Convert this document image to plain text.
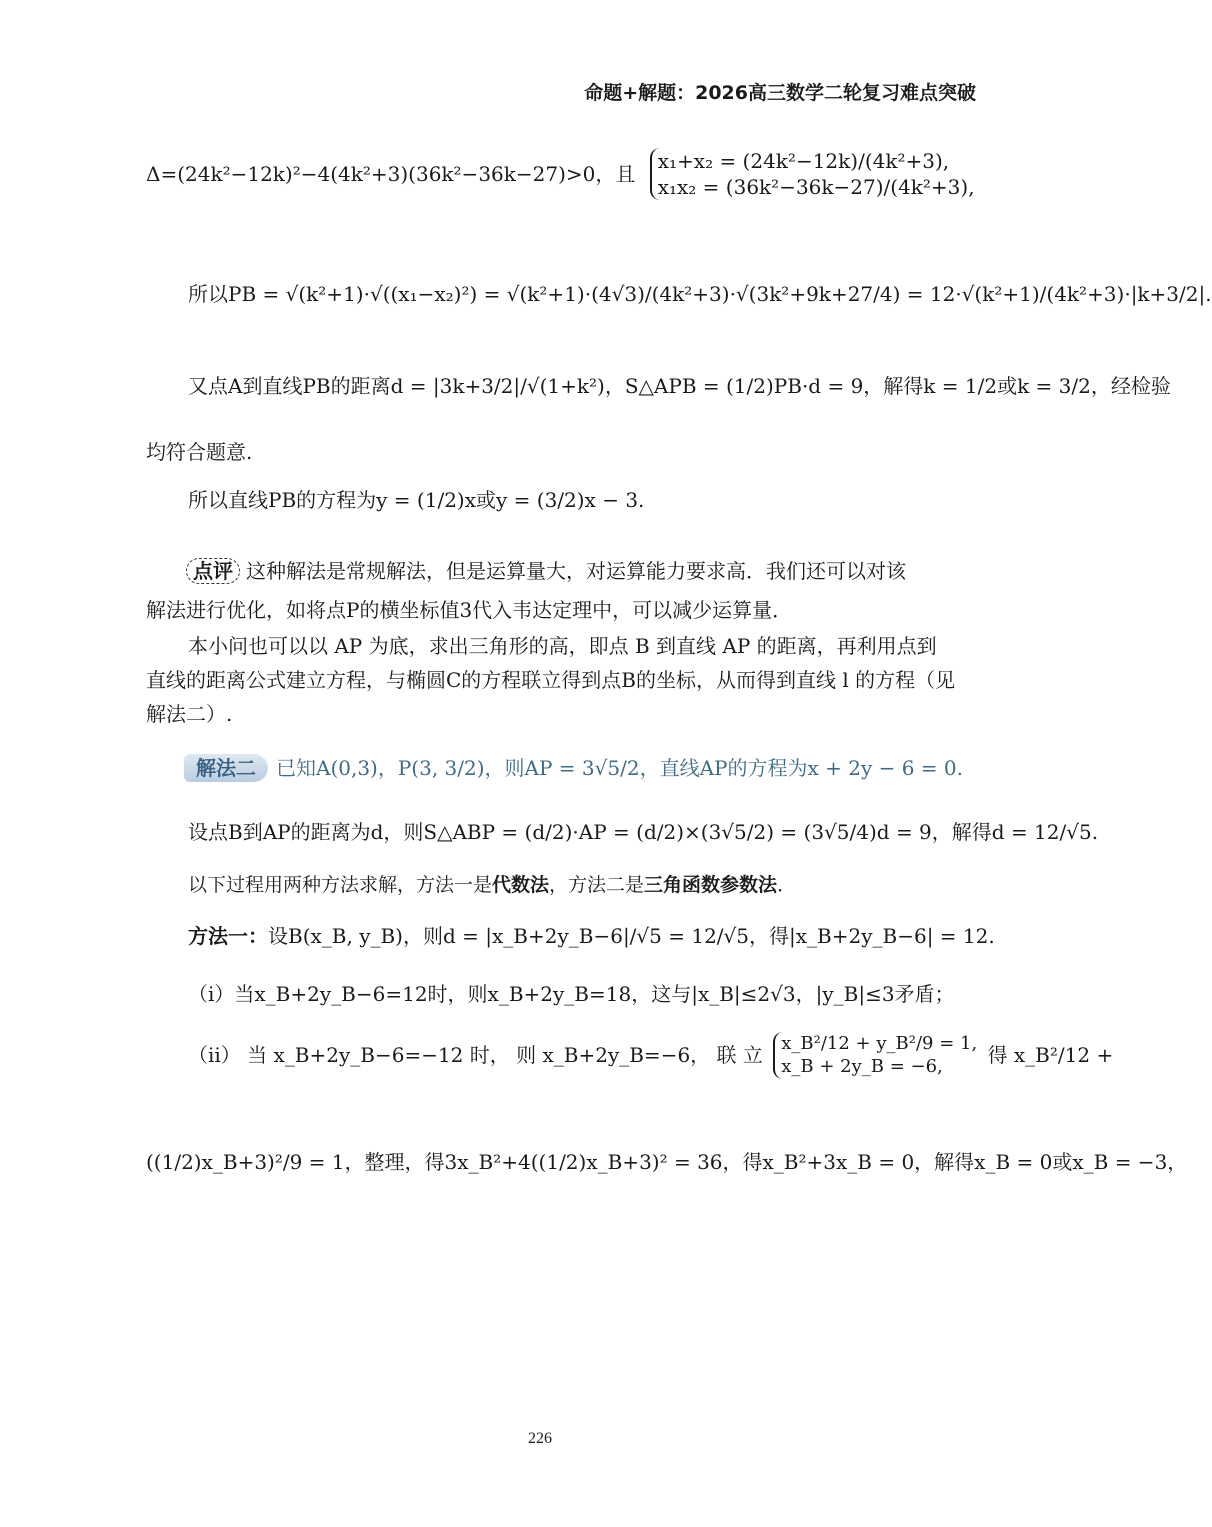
命题+解题：2026高三数学二轮复习难点突破
Δ=(24k²−12k)²−4(4k²+3)(36k²−36k−27)>0，且
x₁+x₂ = (24k²−12k)/(4k²+3),
x₁x₂ = (36k²−36k−27)/(4k²+3),
所以PB = √(k²+1)·√((x₁−x₂)²) = √(k²+1)·(4√3)/(4k²+3)·√(3k²+9k+27/4) = 12·√(k²+1)/(4k²+3)·|k+3/2|.
又点A到直线PB的距离d = |3k+3/2|/√(1+k²)，S△APB = (1/2)PB·d = 9，解得k = 1/2或k = 3/2，经检验
均符合题意.
所以直线PB的方程为y = (1/2)x或y = (3/2)x − 3.
点评 这种解法是常规解法，但是运算量大，对运算能力要求高．我们还可以对该
解法进行优化，如将点P的横坐标值3代入韦达定理中，可以减少运算量．
本小问也可以以 AP 为底，求出三角形的高，即点 B 到直线 AP 的距离，再利用点到
直线的距离公式建立方程，与椭圆C的方程联立得到点B的坐标，从而得到直线 l 的方程（见
解法二）.
解法二 已知A(0,3)，P(3, 3/2)，则AP = 3√5/2，直线AP的方程为x + 2y − 6 = 0.
设点B到AP的距离为d，则S△ABP = (d/2)·AP = (d/2)×(3√5/2) = (3√5/4)d = 9，解得d = 12/√5.
以下过程用两种方法求解，方法一是代数法，方法二是三角函数参数法．
方法一：设B(x_B, y_B)，则d = |x_B+2y_B−6|/√5 = 12/√5，得|x_B+2y_B−6| = 12.
（ⅰ）当x_B+2y_B−6=12时，则x_B+2y_B=18，这与|x_B|≤2√3，|y_B|≤3矛盾；
（ⅱ） 当 x_B+2y_B−6=−12 时， 则 x_B+2y_B=−6， 联 立 x_B²/12 + y_B²/9 = 1,
x_B + 2y_B = −6,	得 x_B²/12 +
((1/2)x_B+3)²/9 = 1，整理，得3x_B²+4((1/2)x_B+3)² = 36，得x_B²+3x_B = 0，解得x_B = 0或x_B = −3，
226
